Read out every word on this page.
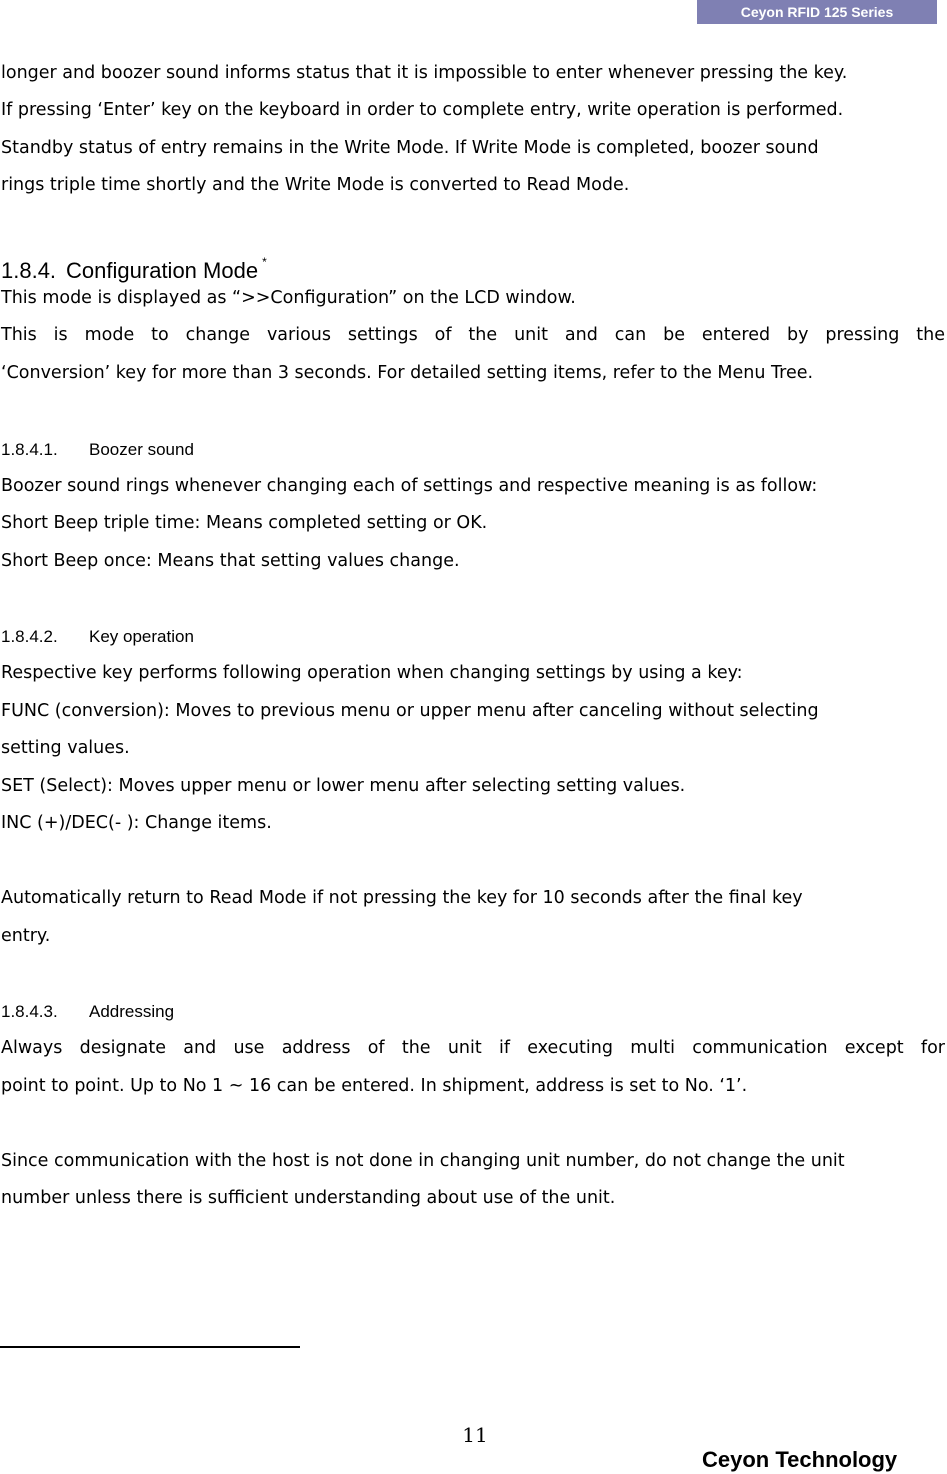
Ceyon RFID 125 Series
longer and boozer sound informs status that it is impossible to enter whenever pressing the key.
If pressing ‘Enter’ key on the keyboard in order to complete entry, write operation is performed.
Standby status of entry remains in the Write Mode. If Write Mode is completed, boozer sound
rings triple time shortly and the Write Mode is converted to Read Mode.
1.8.4. Configuration Mode *
This mode is displayed as “>>Configuration” on the LCD window.
This is mode to change various settings of the unit and can be entered by pressing the
‘Conversion’ key for more than 3 seconds. For detailed setting items, refer to the Menu Tree.
1.8.4.1. Boozer sound
Boozer sound rings whenever changing each of settings and respective meaning is as follow:
Short Beep triple time: Means completed setting or OK.
Short Beep once: Means that setting values change.
1.8.4.2. Key operation
Respective key performs following operation when changing settings by using a key:
FUNC (conversion): Moves to previous menu or upper menu after canceling without selecting
setting values.
SET (Select): Moves upper menu or lower menu after selecting setting values.
INC (+)/DEC(- ): Change items.
Automatically return to Read Mode if not pressing the key for 10 seconds after the final key
entry.
1.8.4.3. Addressing
Always designate and use address of the unit if executing multi communication except for
point to point. Up to No 1 ~ 16 can be entered. In shipment, address is set to No. ‘1’.
Since communication with the host is not done in changing unit number, do not change the unit
number unless there is sufficient understanding about use of the unit.
11
Ceyon Technology
